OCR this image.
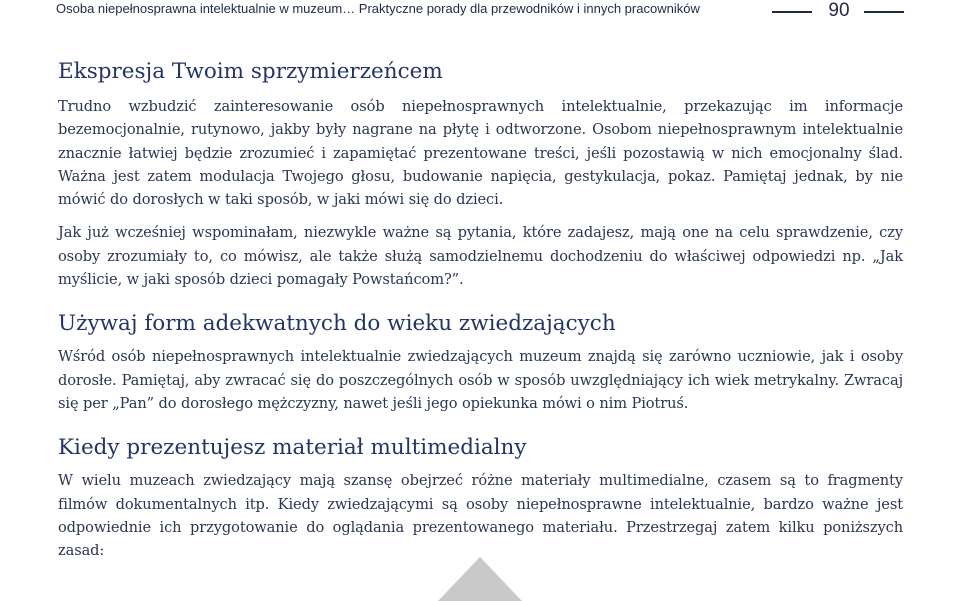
Osoba niepełnosprawna intelektualnie w muzeum… Praktyczne porady dla przewodników i innych pracowników	90
Ekspresja Twoim sprzymierzeńcem

Trudno wzbudzić zainteresowanie osób niepełnosprawnych intelektualnie, przekazując im informacje bezemocjonalnie, rutynowo, jakby były nagrane na płytę i odtworzone. Osobom niepełnosprawnym intelektualnie znacznie łatwiej będzie zrozumieć i zapamiętać prezentowane treści, jeśli pozostawią w nich emocjonalny ślad. Ważna jest zatem modulacja Twojego głosu, budowanie napięcia, gestykulacja, pokaz. Pamiętaj jednak, by nie mówić do dorosłych w taki sposób, w jaki mówi się do dzieci.

Jak już wcześniej wspominałam, niezwykle ważne są pytania, które zadajesz, mają one na celu sprawdzenie, czy osoby zrozumiały to, co mówisz, ale także służą samodzielnemu dochodzeniu do właściwej odpowiedzi np. „Jak myślicie, w jaki sposób dzieci pomagały Powstańcom?”.

Używaj form adekwatnych do wieku zwiedzających

Wśród osób niepełnosprawnych intelektualnie zwiedzających muzeum znajdą się zarówno uczniowie, jak i osoby dorosłe. Pamiętaj, aby zwracać się do poszczególnych osób w sposób uwzględniający ich wiek metrykalny. Zwracaj się per „Pan” do dorosłego mężczyzny, nawet jeśli jego opiekunka mówi o nim Piotruś.

Kiedy prezentujesz materiał multimedialny

W wielu muzeach zwiedzający mają szansę obejrzeć różne materiały multimedialne, czasem są to fragmenty filmów dokumentalnych itp. Kiedy zwiedzającymi są osoby niepełnosprawne intelektualnie, bardzo ważne jest odpowiednie ich przygotowanie do oglądania prezentowanego materiału. Przestrzegaj zatem kilku poniższych zasad:
